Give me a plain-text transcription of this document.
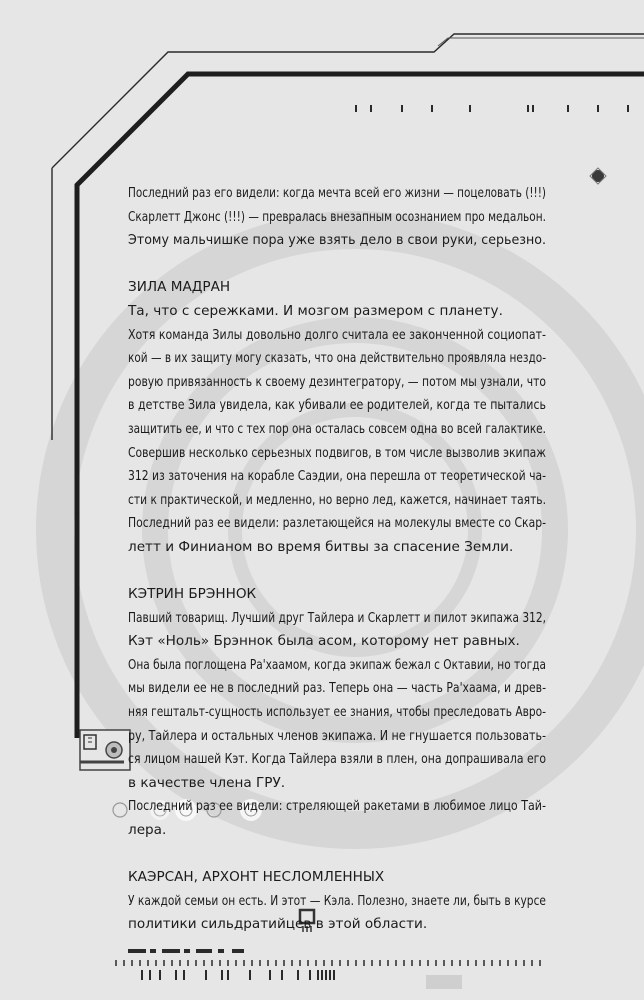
Последний раз его видели: когда мечта всей его жизни — поцеловать (!!!)

Скарлетт Джонс (!!!) — превралась внезапным осознанием про медальон.

Этому мальчишке пора уже взять дело в свои руки, серьезно.

ЗИЛА МАДРАН

Та, что с сережками. И мозгом размером с планету.

Хотя команда Зилы довольно долго считала ее законченной социопат-

кой — в их защиту могу сказать, что она действительно проявляла нездо-

ровую привязанность к своему дезинтегратору, — потом мы узнали, что

в детстве Зила увидела, как убивали ее родителей, когда те пытались

защитить ее, и что с тех пор она осталась совсем одна во всей галактике.

Совершив несколько серьезных подвигов, в том числе вызволив экипаж

312 из заточения на корабле Саэдии, она перешла от теоретической ча-

сти к практической, и медленно, но верно лед, кажется, начинает таять.

Последний раз ее видели: разлетающейся на молекулы вместе со Скар-

летт и Финианом во время битвы за спасение Земли.

КЭТРИН БРЭННОК

Павший товарищ. Лучший друг Тайлера и Скарлетт и пилот экипажа 312,

Кэт «Ноль» Брэннок была асом, которому нет равных.

Она была поглощена Ра'хаамом, когда экипаж бежал с Октавии, но тогда

мы видели ее не в последний раз. Теперь она — часть Ра'хаама, и древ-

няя гештальт-сущность использует ее знания, чтобы преследовать Авро-

ру, Тайлера и остальных членов экипажа. И не гнушается пользовать-

ся лицом нашей Кэт. Когда Тайлера взяли в плен, она допрашивала его

в качестве члена ГРУ.

Последний раз ее видели: стреляющей ракетами в любимое лицо Тай-

лера.

КАЭРСАН, АРХОНТ НЕСЛОМЛЕННЫХ

У каждой семьи он есть. И этот — Кэла. Полезно, знаете ли, быть в курсе

политики сильдратийцев в этой области.
